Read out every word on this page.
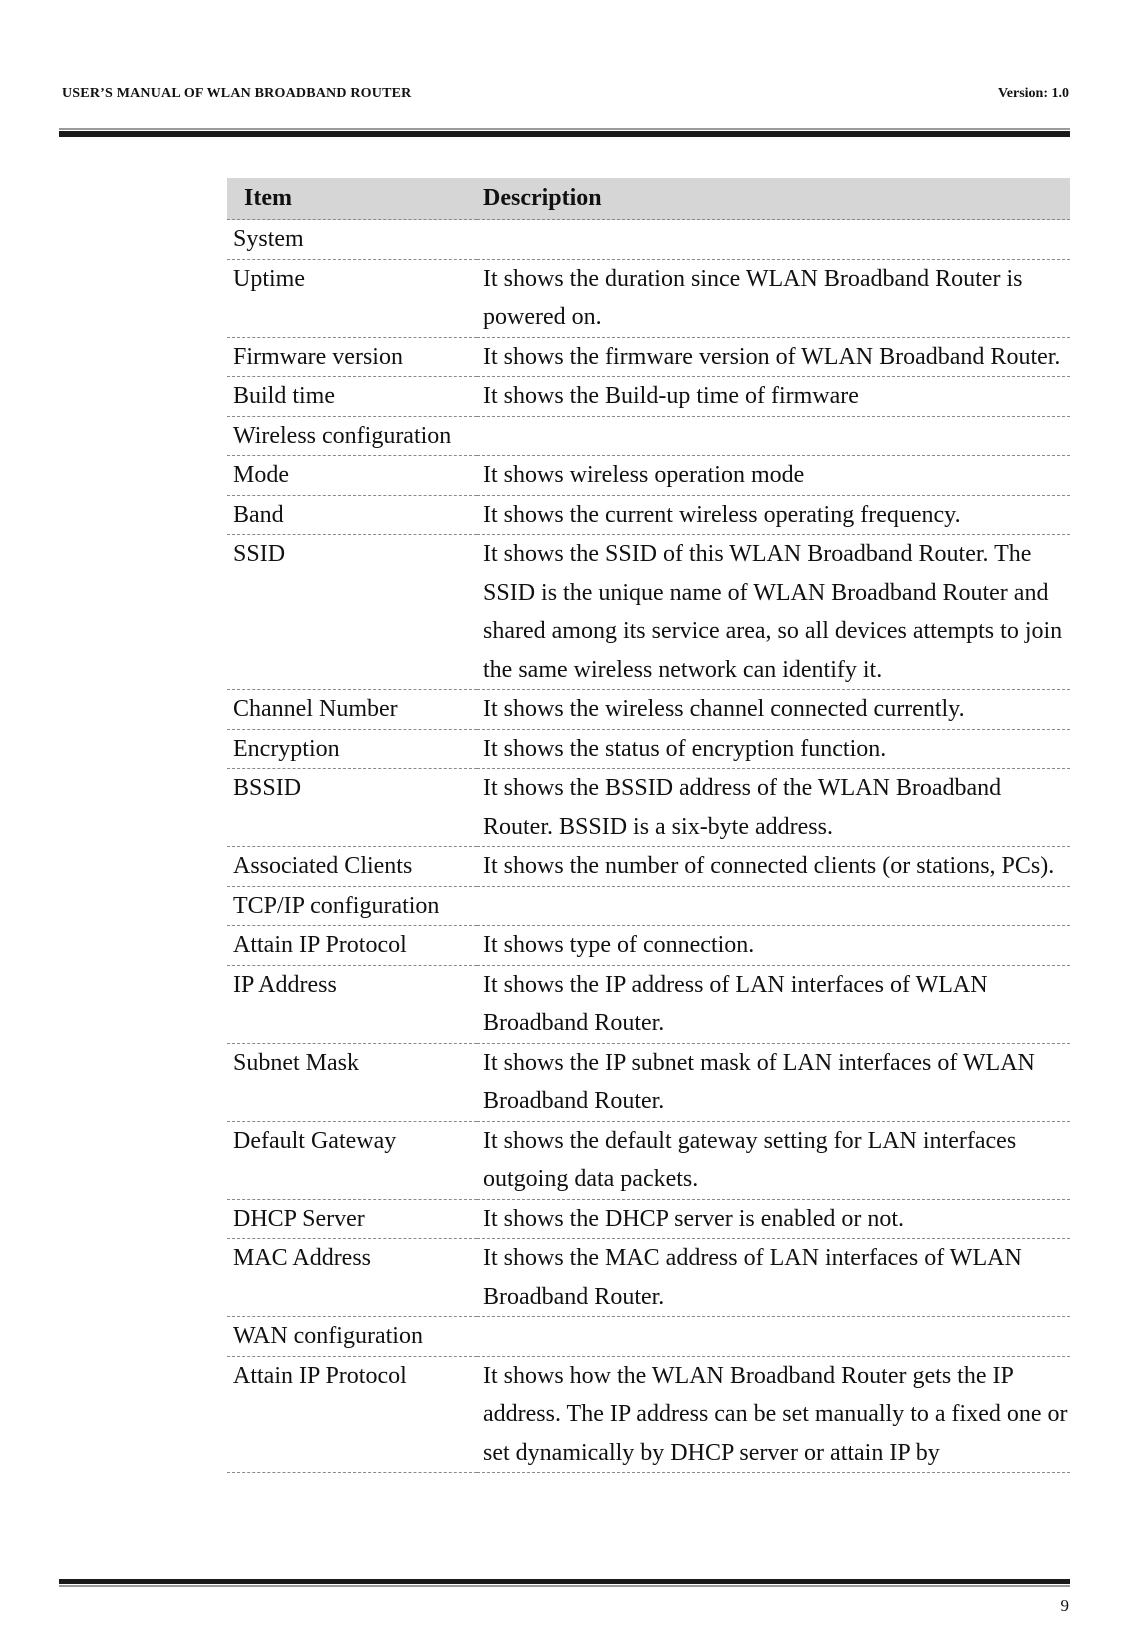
USER’S MANUAL OF WLAN BROADBAND ROUTER	Version: 1.0
Item	Description
System	
Uptime	It shows the duration since WLAN Broadband Router is powered on.
Firmware version	It shows the firmware version of WLAN Broadband Router.
Build time	It shows the Build-up time of firmware
Wireless configuration	
Mode	It shows wireless operation mode
Band	It shows the current wireless operating frequency.
SSID	It shows the SSID of this WLAN Broadband Router. The SSID is the unique name of WLAN Broadband Router and shared among its service area, so all devices attempts to join the same wireless network can identify it.
Channel Number	It shows the wireless channel connected currently.
Encryption	It shows the status of encryption function.
BSSID	It shows the BSSID address of the WLAN Broadband Router. BSSID is a six-byte address.
Associated Clients	It shows the number of connected clients (or stations, PCs).
TCP/IP configuration	
Attain IP Protocol	It shows type of connection.
IP Address	It shows the IP address of LAN interfaces of WLAN Broadband Router.
Subnet Mask	It shows the IP subnet mask of LAN interfaces of WLAN Broadband Router.
Default Gateway	It shows the default gateway setting for LAN interfaces outgoing data packets.
DHCP Server	It shows the DHCP server is enabled or not.
MAC Address	It shows the MAC address of LAN interfaces of WLAN Broadband Router.
WAN configuration	
Attain IP Protocol	It shows how the WLAN Broadband Router gets the IP address. The IP address can be set manually to a fixed one or set dynamically by DHCP server or attain IP by
9
